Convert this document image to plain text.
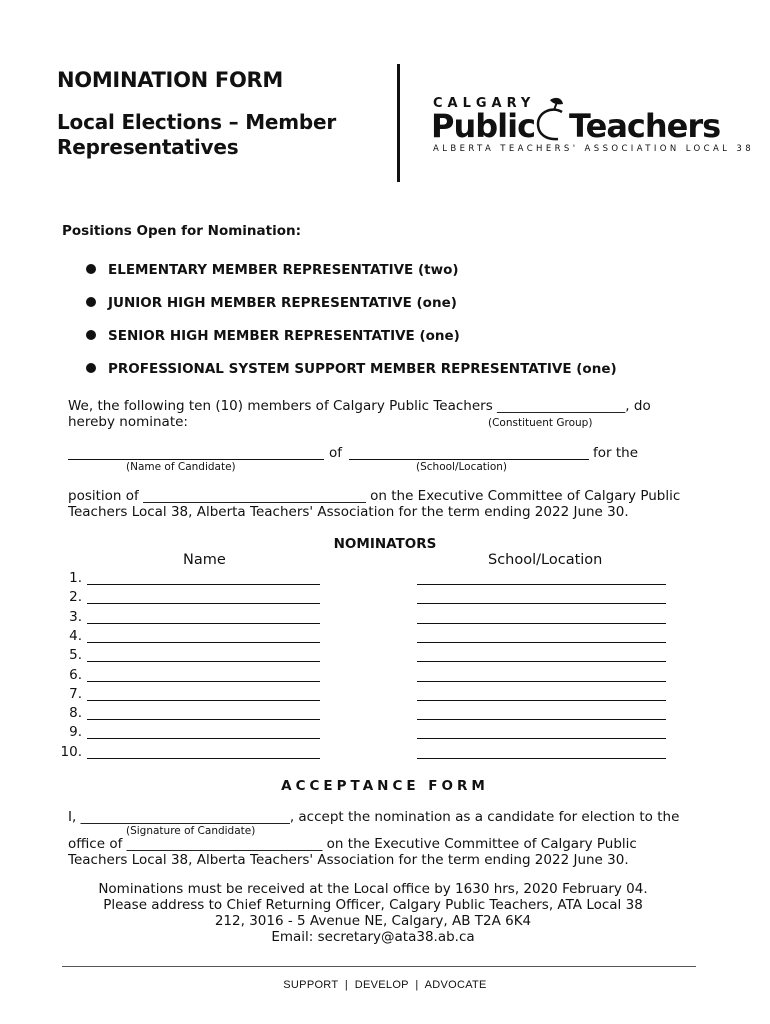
NOMINATION FORM
Local Elections – Member
Representatives
CALGARY
Public Teachers
ALBERTA TEACHERS' ASSOCIATION LOCAL 38
Positions Open for Nomination:
ELEMENTARY MEMBER REPRESENTATIVE (two)
JUNIOR HIGH MEMBER REPRESENTATIVE (one)
SENIOR HIGH MEMBER REPRESENTATIVE (one)
PROFESSIONAL SYSTEM SUPPORT MEMBER REPRESENTATIVE (one)
We, the following ten (10) members of Calgary Public Teachers ___________________, do
hereby nominate:	(Constituent Group)
of	for the
(Name of Candidate)	(School/Location)
position of _________________________________ on the Executive Committee of Calgary Public
Teachers Local 38, Alberta Teachers' Association for the term ending 2022 June 30.
NOMINATORS
Name	School/Location
1.
2.
3.
4.
5.
6.
7.
8.
9.
10.
ACCEPTANCE FORM
I, _______________________________, accept the nomination as a candidate for election to the
(Signature of Candidate)
office of _____________________________ on the Executive Committee of Calgary Public
Teachers Local 38, Alberta Teachers' Association for the term ending 2022 June 30.
Nominations must be received at the Local office by 1630 hrs, 2020 February 04.
Please address to Chief Returning Officer, Calgary Public Teachers, ATA Local 38
212, 3016 - 5 Avenue NE, Calgary, AB T2A 6K4
Email: secretary@ata38.ab.ca
SUPPORT  |  DEVELOP  |  ADVOCATE
